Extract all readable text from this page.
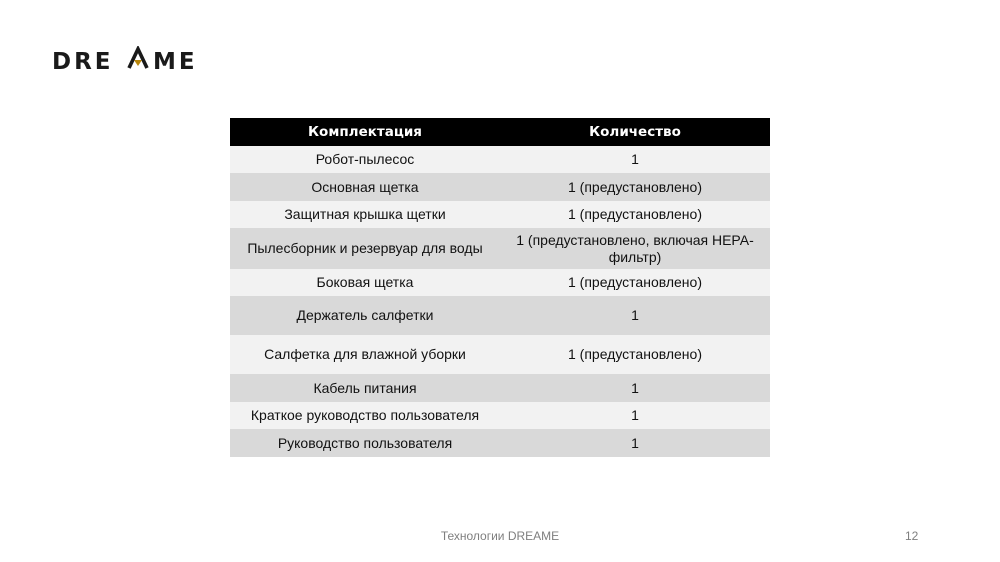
DRE ME
Комплектация	Количество
Робот-пылесос	1
Основная щетка	1 (предустановлено)
Защитная крышка щетки	1 (предустановлено)
Пылесборник и резервуар для воды	1 (предустановлено, включая HEPA-фильтр)
Боковая щетка	1 (предустановлено)
Держатель салфетки	1
Салфетка для влажной уборки	1 (предустановлено)
Кабель питания	1
Краткое руководство пользователя	1
Руководство пользователя	1
Технологии DREAME	12
